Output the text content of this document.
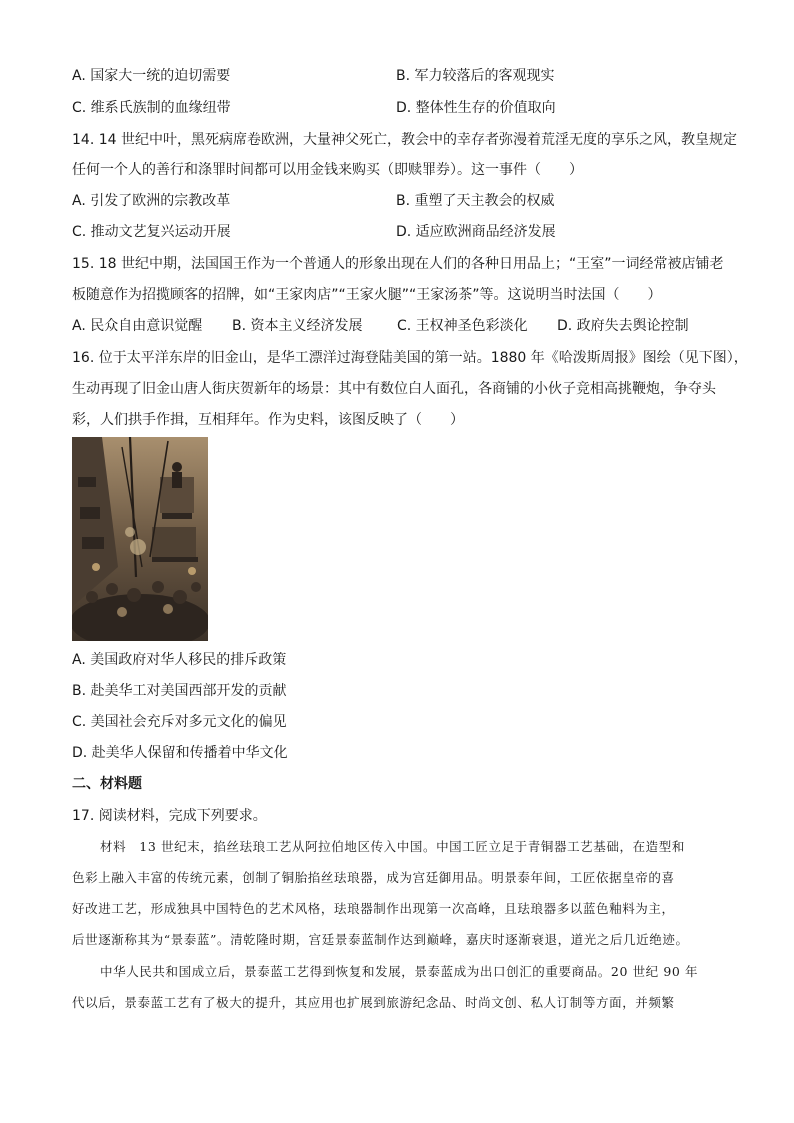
A. 国家大一统的迫切需要	B. 军力较落后的客观现实
C. 维系氏族制的血缘纽带	D. 整体性生存的价值取向
14. 14 世纪中叶，黑死病席卷欧洲，大量神父死亡，教会中的幸存者弥漫着荒淫无度的享乐之风，教皇规定
任何一个人的善行和涤罪时间都可以用金钱来购买（即赎罪券）。这一事件（　　）
A. 引发了欧洲的宗教改革	B. 重塑了天主教会的权威
C. 推动文艺复兴运动开展	D. 适应欧洲商品经济发展
15. 18 世纪中期，法国国王作为一个普通人的形象出现在人们的各种日用品上；“王室”一词经常被店铺老
板随意作为招揽顾客的招牌，如“王家肉店”“王家火腿”“王家汤茶”等。这说明当时法国（　　）
A. 民众自由意识觉醒 B. 资本主义经济发展 C. 王权神圣色彩淡化 D. 政府失去舆论控制
16. 位于太平洋东岸的旧金山，是华工漂洋过海登陆美国的第一站。1880 年《哈泼斯周报》图绘（见下图），
生动再现了旧金山唐人街庆贺新年的场景：其中有数位白人面孔，各商铺的小伙子竞相高挑鞭炮，争夺头
彩，人们拱手作揖，互相拜年。作为史料，该图反映了（　　）
A. 美国政府对华人移民的排斥政策
B. 赴美华工对美国西部开发的贡献
C. 美国社会充斥对多元文化的偏见
D. 赴美华人保留和传播着中华文化
二、材料题
17. 阅读材料，完成下列要求。
材料　13 世纪末，掐丝珐琅工艺从阿拉伯地区传入中国。中国工匠立足于青铜器工艺基础，在造型和
色彩上融入丰富的传统元素，创制了铜胎掐丝珐琅器，成为宫廷御用品。明景泰年间，工匠依据皇帝的喜
好改进工艺，形成独具中国特色的艺术风格，珐琅器制作出现第一次高峰，且珐琅器多以蓝色釉料为主，
后世逐渐称其为“景泰蓝”。清乾隆时期，宫廷景泰蓝制作达到巅峰，嘉庆时逐渐衰退，道光之后几近绝迹。
中华人民共和国成立后，景泰蓝工艺得到恢复和发展，景泰蓝成为出口创汇的重要商品。20 世纪 90 年
代以后，景泰蓝工艺有了极大的提升，其应用也扩展到旅游纪念品、时尚文创、私人订制等方面，并频繁
